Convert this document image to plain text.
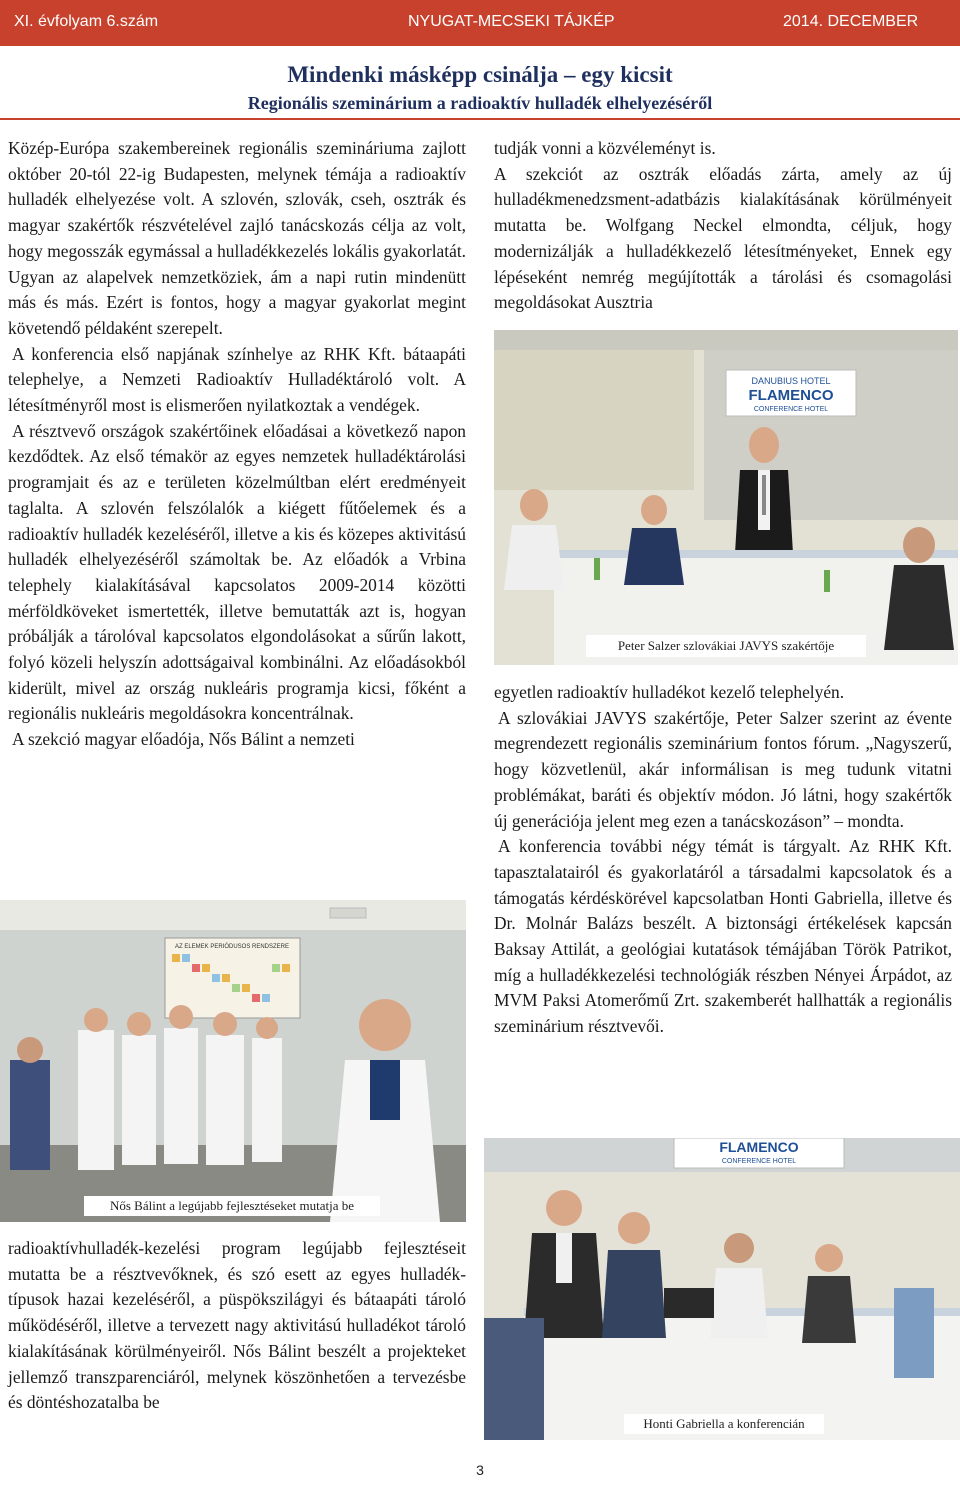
XI. évfolyam 6.szám	NYUGAT-MECSEKI TÁJKÉP	2014. DECEMBER
Mindenki másképp csinálja – egy kicsit
Regionális szeminárium a radioaktív hulladék elhelyezéséről

Közép-Európa szakembereinek regionális szemináriuma zajlott október 20-tól 22-ig Budapesten, melynek témája a radioaktív hulladék elhelyezése volt. A szlovén, szlovák, cseh, osztrák és magyar szakértők részvételével zajló tanácskozás célja az volt, hogy megosszák egymással a hulladékkezelés lokális gyakorlatát. Ugyan az alapelvek nemzetköziek, ám a napi rutin mindenütt más és más. Ezért is fontos, hogy a magyar gyakorlat megint követendő példaként szerepelt.

A konferencia első napjának színhelye az RHK Kft. bátaapáti telephelye, a Nemzeti Radioaktív Hulladéktároló volt. A létesítményről most is elismerően nyilatkoztak a vendégek.

A résztvevő országok szakértőinek előadásai a következő napon kezdődtek. Az első témakör az egyes nemzetek hulladéktárolási programjait és az e területen közelmúltban elért eredményeit taglalta. A szlovén felszólalók a kiégett fűtőelemek és a radioaktív hulladék kezeléséről, illetve a kis és közepes aktivitású hulladék elhelyezéséről számoltak be. Az előadók a Vrbina telephely kialakításával kapcsolatos 2009-2014 közötti mérföldköveket ismertették, illetve bemutatták azt is, hogyan próbálják a tárolóval kapcsolatos elgondolásokat a sűrűn lakott, folyó közeli helyszín adottságaival kombinálni. Az előadásokból kiderült, mivel az ország nukleáris programja kicsi, főként a regionális nukleáris megoldásokra koncentrálnak.

A szekció magyar előadója, Nős Bálint a nemzeti

tudják vonni a közvéleményt is.

A szekciót az osztrák előadás zárta, amely az új hulladékmenedzsment-adatbázis kialakításának körülményeit mutatta be. Wolfgang Neckel elmondta, céljuk, hogy modernizálják a hulladékkezelő létesítményeket, Ennek egy lépéseként nemrég megújították a tárolási és csomagolási megoldásokat Ausztria

DANUBIUS HOTEL
FLAMENCO
CONFERENCE HOTEL
Peter Salzer szlovákiai JAVYS szakértője

egyetlen radioaktív hulladékot kezelő telephelyén.

A szlovákiai JAVYS szakértője, Peter Salzer szerint az évente megrendezett regionális szeminárium fontos fórum. „Nagyszerű, hogy közvetlenül, akár informálisan is meg tudunk vitatni problémákat, baráti és objektív módon. Jó látni, hogy szakértők új generációja jelent meg ezen a tanácskozáson” – mondta.

A konferencia további négy témát is tárgyalt. Az RHK Kft. tapasztalatairól és gyakorlatáról a társadalmi kapcsolatok és a támogatás kérdéskörével kapcsolatban Honti Gabriella, illetve és Dr. Molnár Balázs beszélt. A biztonsági értékelések kapcsán Baksay Attilát, a geológiai kutatások témájában Török Patrikot, míg a hulladékkezelési technológiák részben Nényei Árpádot, az MVM Paksi Atomerőmű Zrt. szakemberét hallhatták a regionális szeminárium résztvevői.

AZ ELEMEK PERIÓDUSOS RENDSZERE
Nős Bálint a legújabb fejlesztéseket mutatja be

radioaktívhulladék-kezelési program legújabb fejlesztéseit mutatta be a résztvevőknek, és szó esett az egyes hulladék-típusok hazai kezeléséről, a püspökszilágyi és bátaapáti tároló működéséről, illetve a tervezett nagy aktivitású hulladékot tároló kialakításának körülményeiről. Nős Bálint beszélt a projekteket jellemző transzparenciáról, melynek köszönhetően a tervezésbe és döntéshozatalba be

FLAMENCO
CONFERENCE HOTEL
Honti Gabriella a konferencián
3
